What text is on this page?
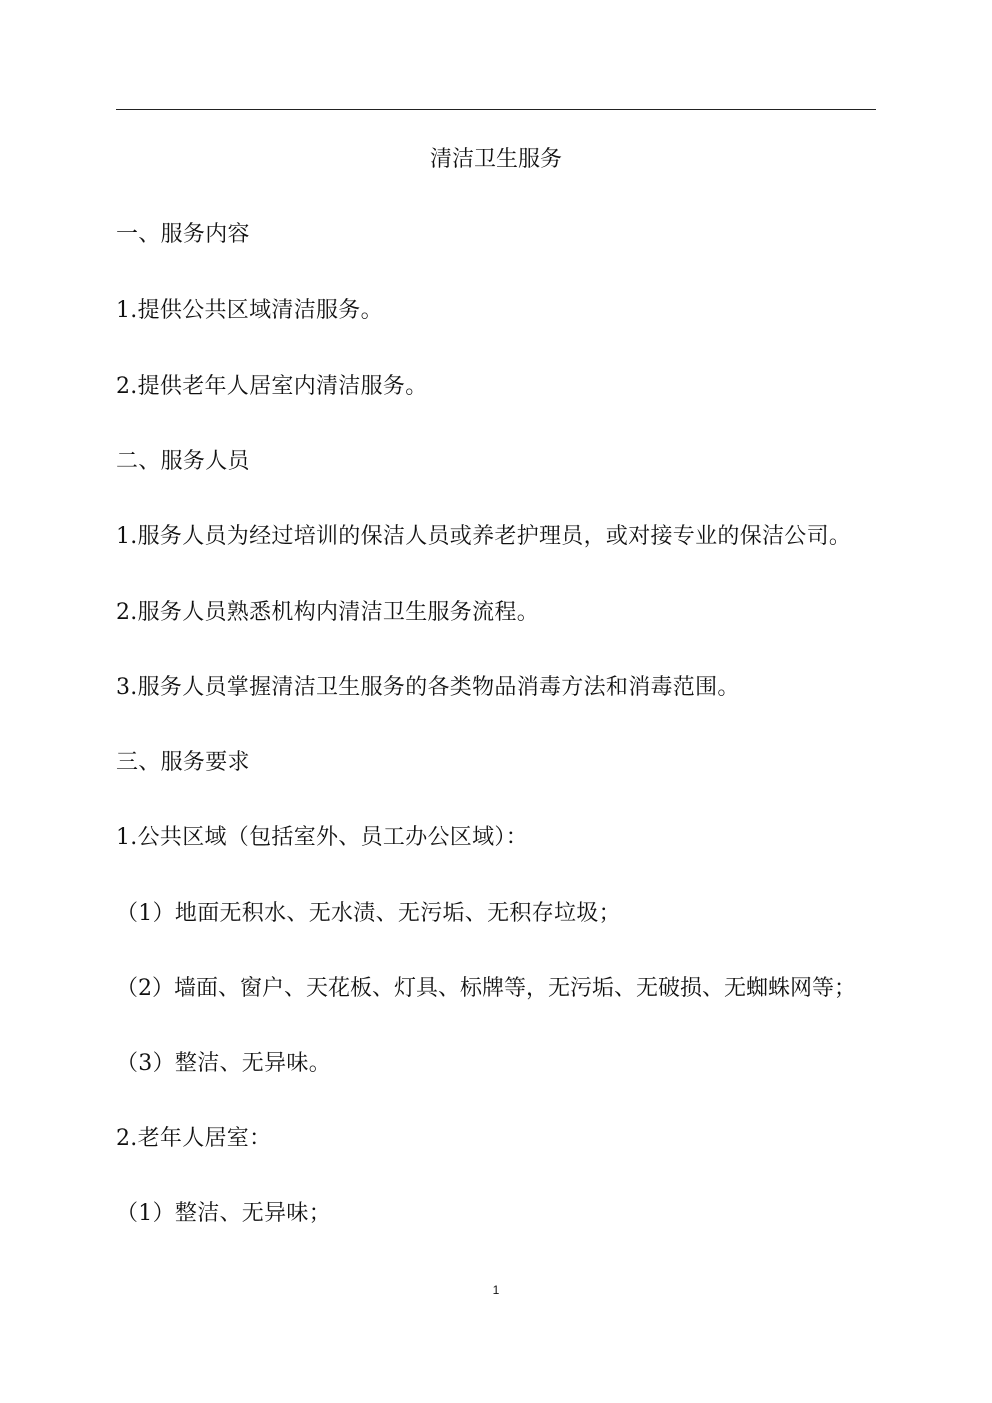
清洁卫生服务
一、服务内容
1.提供公共区域清洁服务。
2.提供老年人居室内清洁服务。
二、服务人员
1.服务人员为经过培训的保洁人员或养老护理员，或对接专业的保洁公司。
2.服务人员熟悉机构内清洁卫生服务流程。
3.服务人员掌握清洁卫生服务的各类物品消毒方法和消毒范围。
三、服务要求
1.公共区域（包括室外、员工办公区域）：
（1）地面无积水、无水渍、无污垢、无积存垃圾；
（2）墙面、窗户、天花板、灯具、标牌等，无污垢、无破损、无蜘蛛网等；
（3）整洁、无异味。
2.老年人居室：
（1）整洁、无异味；
1
